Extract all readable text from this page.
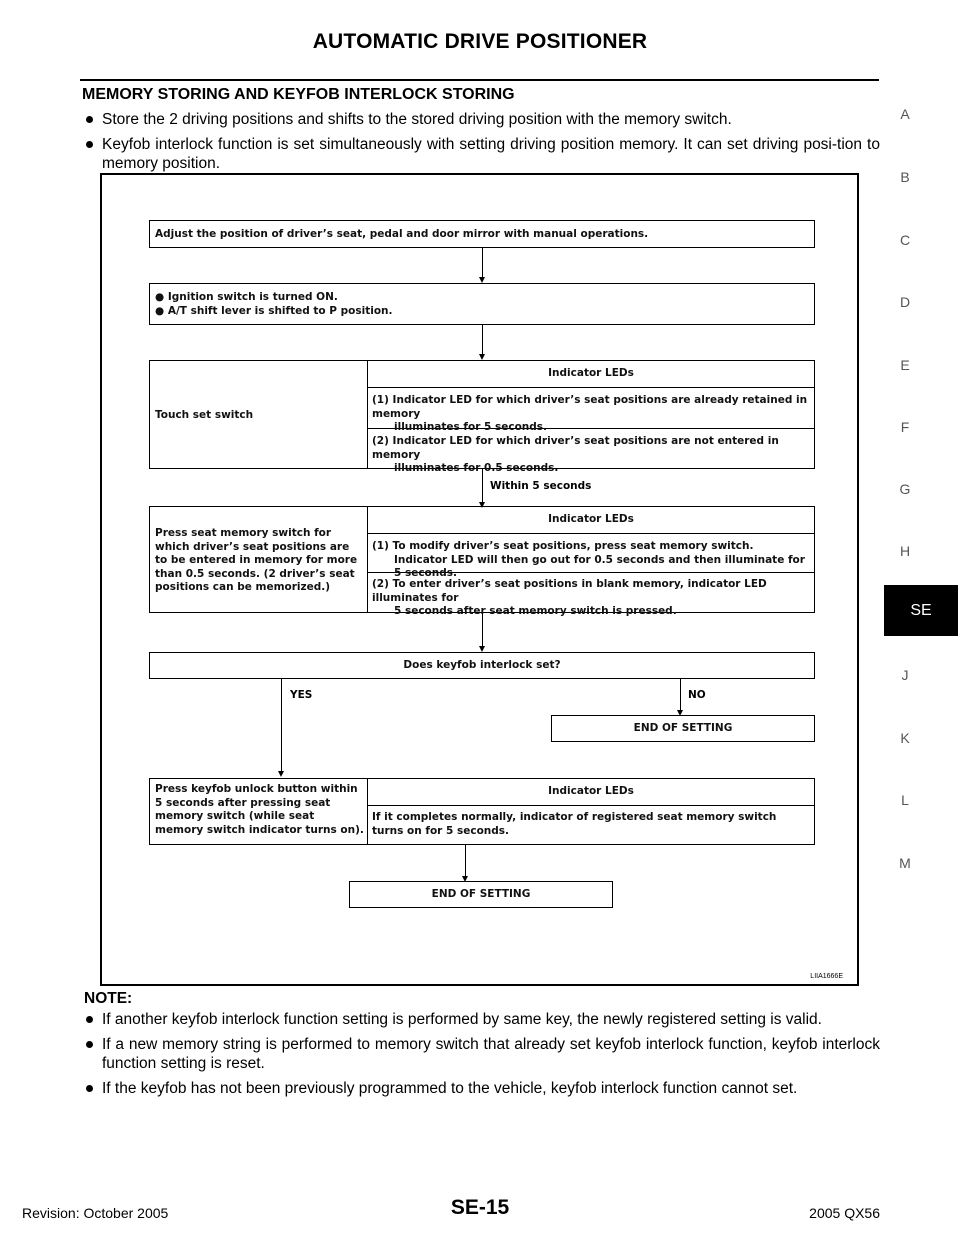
AUTOMATIC DRIVE POSITIONER
MEMORY STORING AND KEYFOB INTERLOCK STORING
Store the 2 driving positions and shifts to the stored driving position with the memory switch.
Keyfob interlock function is set simultaneously with setting driving position memory. It can set driving posi-tion to memory position.
Adjust the position of driver’s seat, pedal and door mirror with manual operations.
● Ignition switch is turned ON.
● A/T shift lever is shifted to P position.
Touch set switch
Indicator LEDs
(1) Indicator LED for which driver’s seat positions are already retained in memory
illuminates for 5 seconds.
(2) Indicator LED for which driver’s seat positions are not entered in memory
illuminates for 0.5 seconds.
Within 5 seconds
Press seat memory switch for which driver’s seat positions are to be entered in memory for more than 0.5 seconds. (2 driver’s seat positions can be memorized.)
Indicator LEDs
(1) To modify driver’s seat positions, press seat memory switch.
Indicator LED will then go out for 0.5 seconds and then illuminate for 5 seconds.
(2) To enter driver’s seat positions in blank memory, indicator LED illuminates for
5 seconds after seat memory switch is pressed.
Does keyfob interlock set?
YES	NO
END OF SETTING
Press keyfob unlock button within 5 seconds after pressing seat memory switch (while seat memory switch indicator turns on).
Indicator LEDs
If it completes normally, indicator of registered seat memory switch turns on for 5 seconds.
END OF SETTING
LIIA1666E
NOTE:
If another keyfob interlock function setting is performed by same key, the newly registered setting is valid.
If a new memory string is performed to memory switch that already set keyfob interlock function, keyfob interlock function setting is reset.
If the keyfob has not been previously programmed to the vehicle, keyfob interlock function cannot set.
A
B
C
D
E
F
G
H
SE
J
K
L
M
Revision: October 2005	SE-15	2005 QX56
